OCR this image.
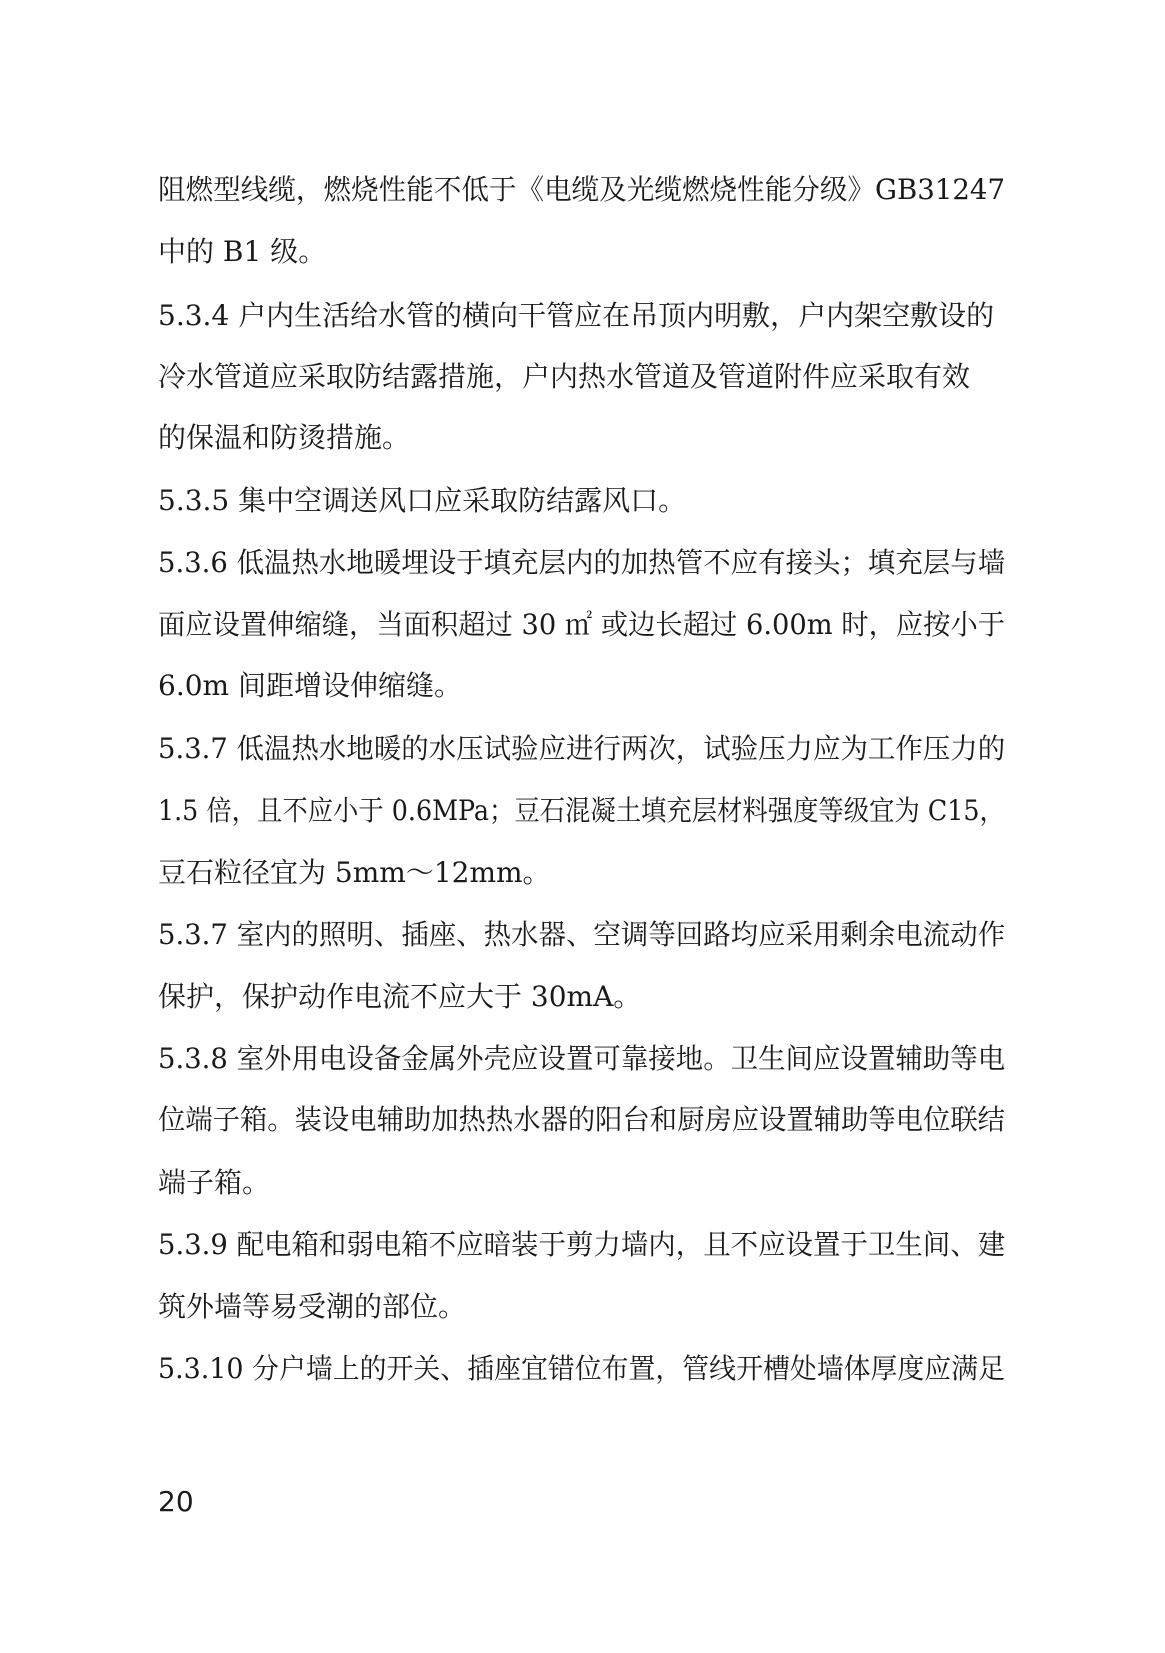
阻燃型线缆，燃烧性能不低于《电缆及光缆燃烧性能分级》GB31247
中的 B1 级。
5.3.4 户内生活给水管的横向干管应在吊顶内明敷，户内架空敷设的
冷水管道应采取防结露措施，户内热水管道及管道附件应采取有效
的保温和防烫措施。
5.3.5 集中空调送风口应采取防结露风口。
5.3.6 低温热水地暖埋设于填充层内的加热管不应有接头；填充层与墙
面应设置伸缩缝，当面积超过 30 ㎡ 或边长超过 6.00m 时，应按小于
6.0m 间距增设伸缩缝。
5.3.7 低温热水地暖的水压试验应进行两次，试验压力应为工作压力的
1.5 倍，且不应小于 0.6MPa；豆石混凝土填充层材料强度等级宜为 C15，
豆石粒径宜为 5mm～12mm。
5.3.7 室内的照明、插座、热水器、空调等回路均应采用剩余电流动作
保护，保护动作电流不应大于 30mA。
5.3.8 室外用电设备金属外壳应设置可靠接地。卫生间应设置辅助等电
位端子箱。装设电辅助加热热水器的阳台和厨房应设置辅助等电位联结
端子箱。
5.3.9 配电箱和弱电箱不应暗装于剪力墙内，且不应设置于卫生间、建
筑外墙等易受潮的部位。
5.3.10 分户墙上的开关、插座宜错位布置，管线开槽处墙体厚度应满足
20
